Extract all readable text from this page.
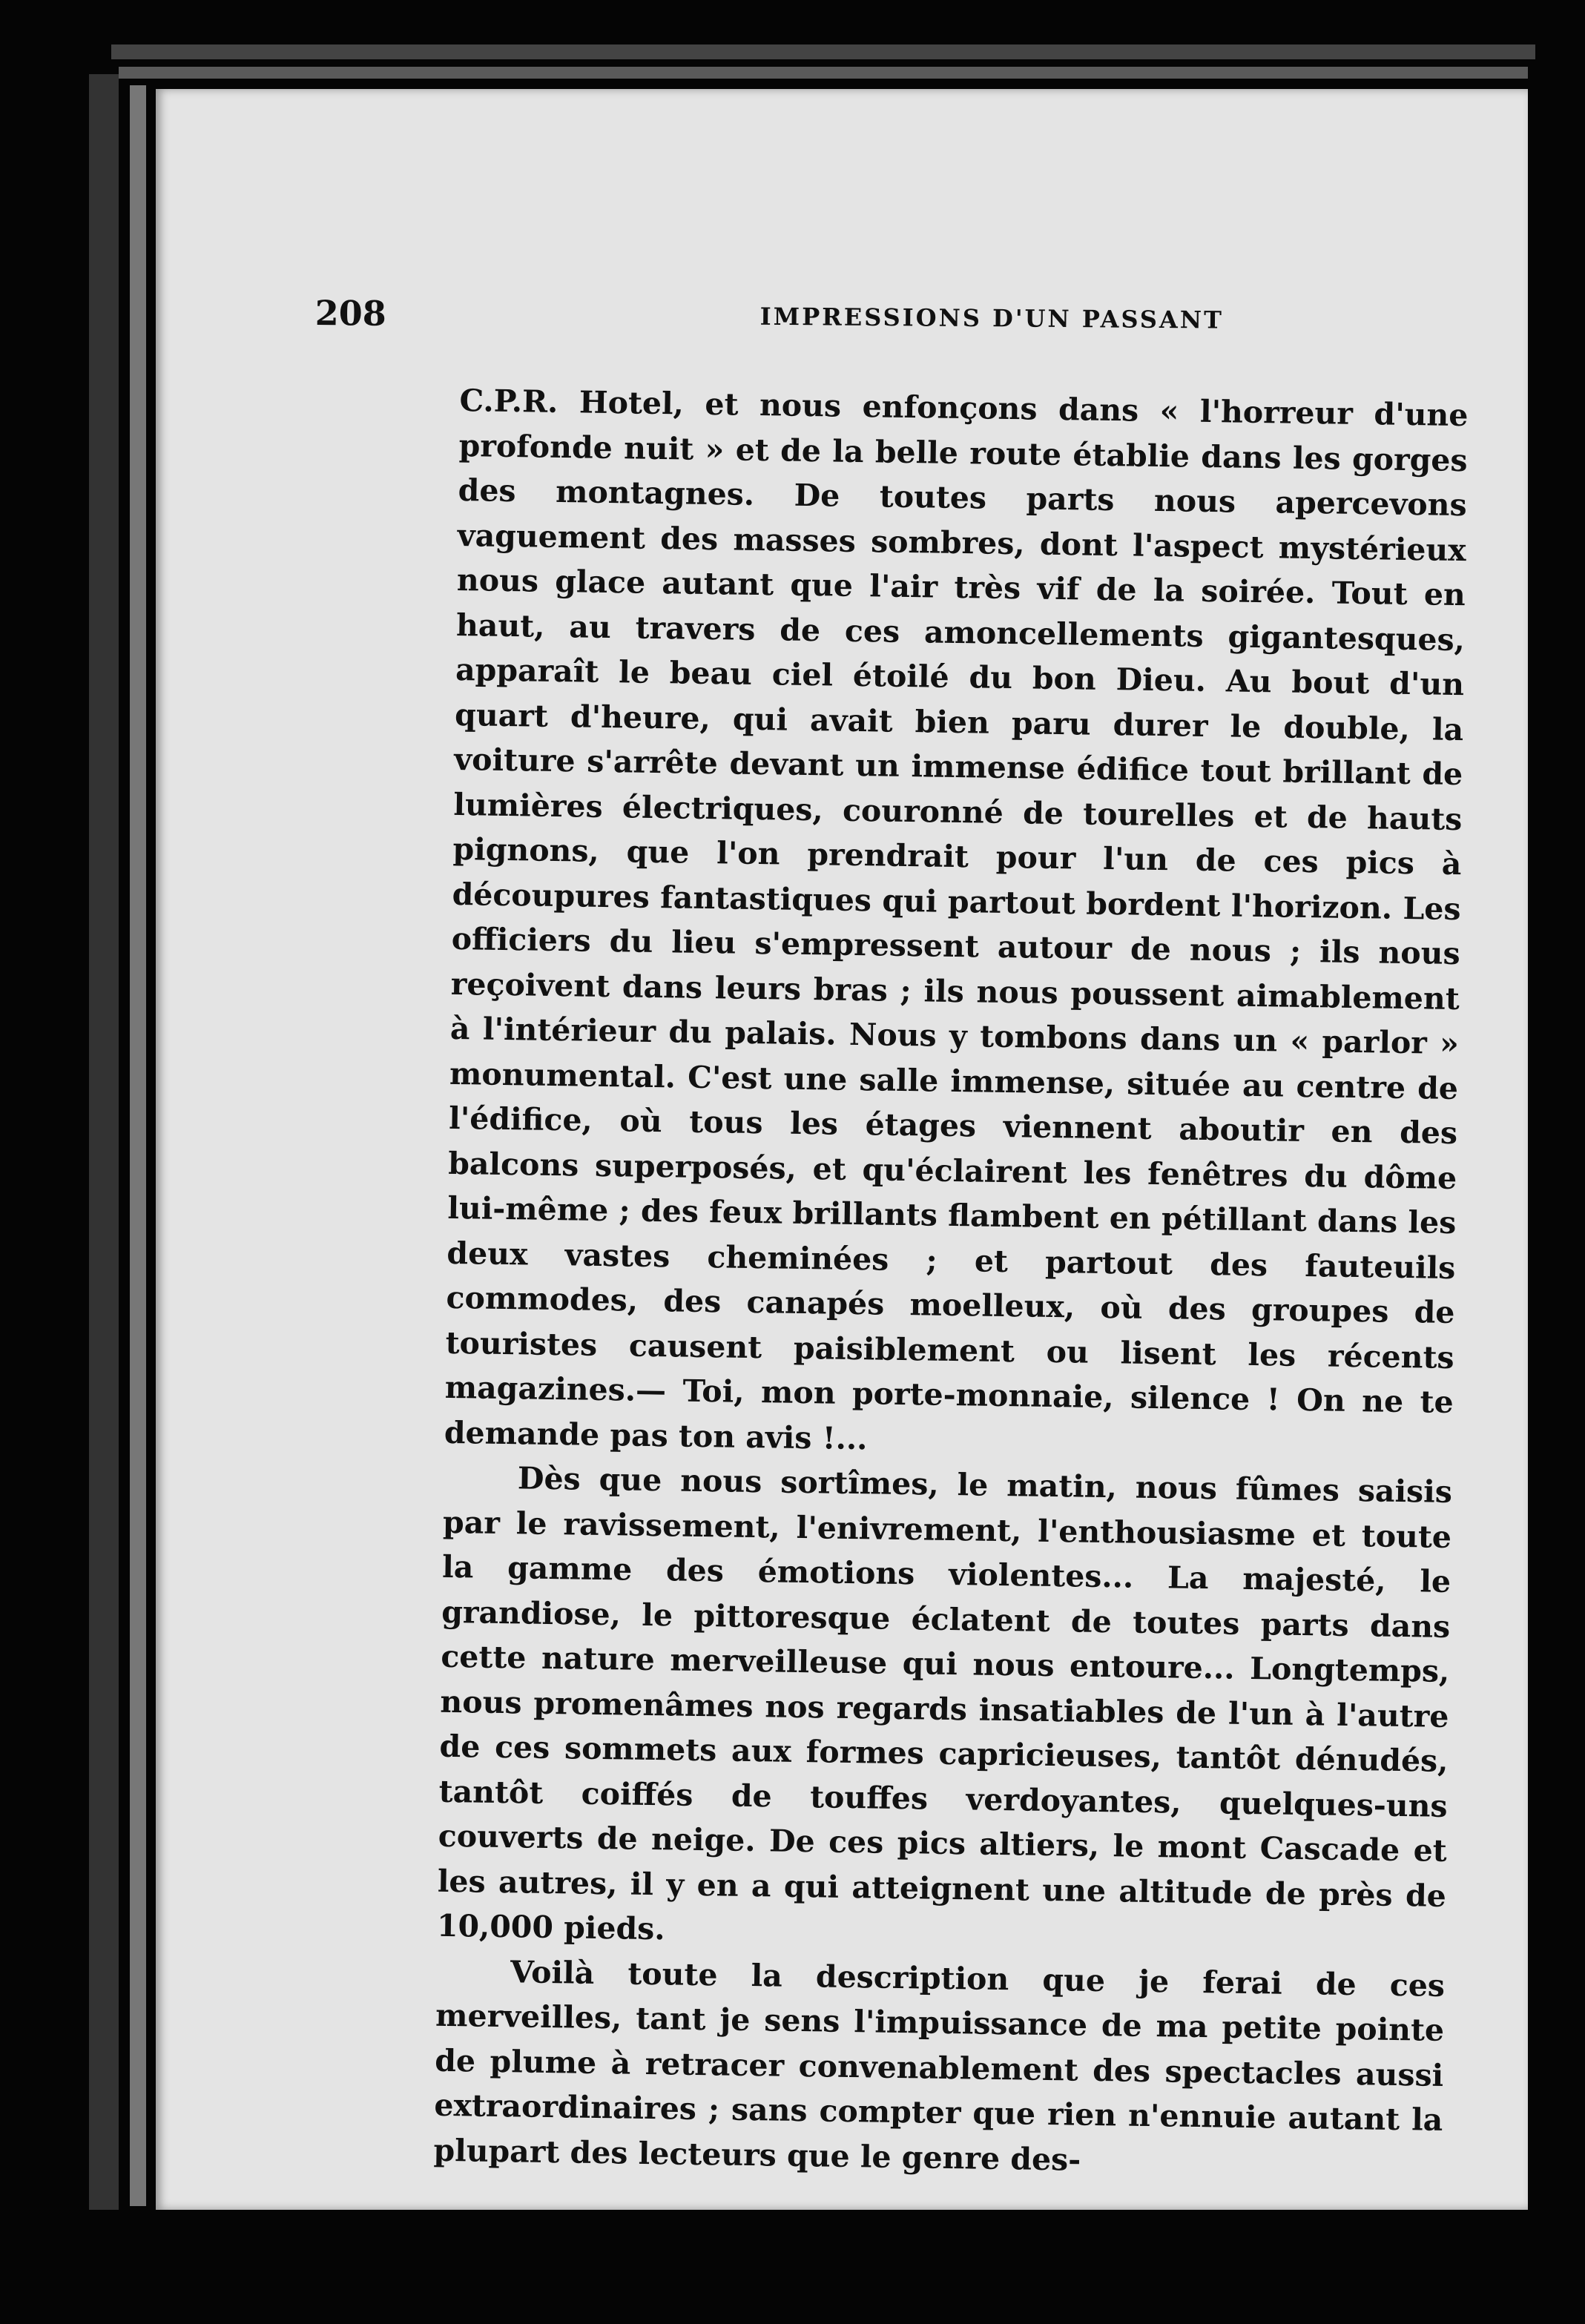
208	IMPRESSIONS D'UN PASSANT

C.P.R. Hotel, et nous enfonçons dans « l'horreur d'une profonde nuit » et de la belle route établie dans les gorges des montagnes. De toutes parts nous apercevons vaguement des masses sombres, dont l'aspect mystérieux nous glace autant que l'air très vif de la soirée. Tout en haut, au travers de ces amoncellements gigantesques, apparaît le beau ciel étoilé du bon Dieu. Au bout d'un quart d'heure, qui avait bien paru durer le double, la voiture s'arrête devant un immense édifice tout brillant de lumières électriques, couronné de tourelles et de hauts pignons, que l'on prendrait pour l'un de ces pics à découpures fantastiques qui partout bordent l'horizon. Les officiers du lieu s'empressent autour de nous ; ils nous reçoivent dans leurs bras ; ils nous poussent aimablement à l'intérieur du palais. Nous y tombons dans un « parlor » monumental. C'est une salle immense, située au centre de l'édifice, où tous les étages viennent aboutir en des balcons superposés, et qu'éclairent les fenêtres du dôme lui-même ; des feux brillants flambent en pétillant dans les deux vastes cheminées ; et partout des fauteuils commodes, des canapés moelleux, où des groupes de touristes causent paisiblement ou lisent les récents magazines.— Toi, mon porte-monnaie, silence ! On ne te demande pas ton avis !...

Dès que nous sortîmes, le matin, nous fûmes saisis par le ravissement, l'enivrement, l'enthousiasme et toute la gamme des émotions violentes... La majesté, le grandiose, le pittoresque éclatent de toutes parts dans cette nature merveilleuse qui nous entoure... Longtemps, nous promenâmes nos regards insatiables de l'un à l'autre de ces sommets aux formes capricieuses, tantôt dénudés, tantôt coiffés de touffes verdoyantes, quelques-uns couverts de neige. De ces pics altiers, le mont Cascade et les autres, il y en a qui atteignent une altitude de près de 10,000 pieds.

Voilà toute la description que je ferai de ces merveilles, tant je sens l'impuissance de ma petite pointe de plume à retracer convenablement des spectacles aussi extraordinaires ; sans compter que rien n'ennuie autant la plupart des lecteurs que le genre des-
